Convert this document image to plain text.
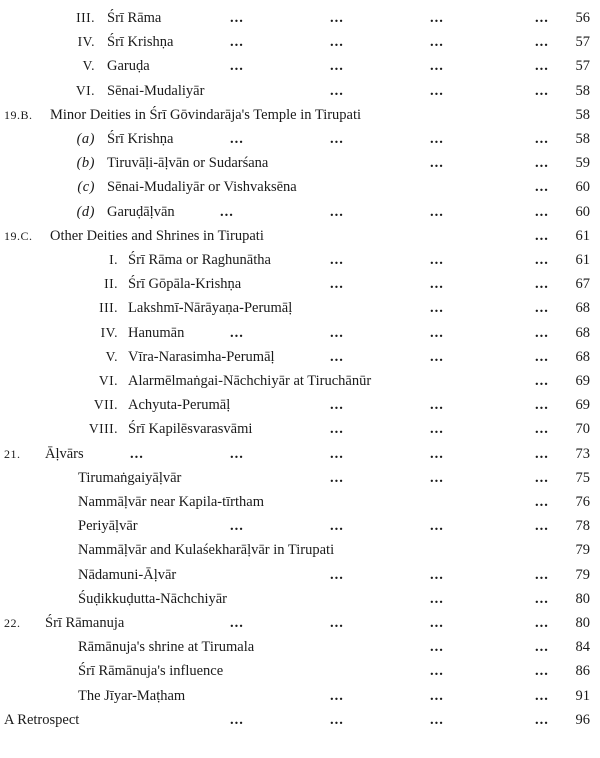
III. Śrī Rāma	...	...	...	...	56
IV. Śrī Krishṇa	...	...	...	...	57
V. Garuḍa	...	...	...	...	57
VI. Sēnai-Mudaliyār	...	...	...	58
19.B. Minor Deities in Śrī Gōvindarāja's Temple in Tirupati	58
(a) Śrī Krishṇa	...	...	...	...	58
(b) Tiruvāḷi-āḷvān or Sudarśana	...	...	59
(c) Sēnai-Mudaliyār or Vishvaksēna	...	60
(d) Garuḍāḷvān	...	...	...	...	60
19.C. Other Deities and Shrines in Tirupati	...	61
I. Śrī Rāma or Raghunātha	...	...	...	61
II. Śrī Gōpāla-Krishṇa	...	...	...	67
III. Lakshmī-Nārāyaṇa-Perumāḷ	...	...	68
IV. Hanumān	...	...	...	...	68
V. Vīra-Narasimha-Perumāḷ	...	...	...	68
VI. Alarmēlmaṅgai-Nāchchiyār at Tiruchānūr	...	69
VII. Achyuta-Perumāḷ	...	...	...	69
VIII. Śrī Kapilēsvarasvāmi	...	...	...	70
21. Āḷvārs	...	...	...	...	...	73
Tirumaṅgaiyāḷvār	...	...	...	75
Nammāḷvār near Kapila-tīrtham	...	76
Periyāḷvār	...	...	...	...	78
Nammāḷvār and Kulaśekharāḷvār in Tirupati	79
Nādamuni-Āḷvār	...	...	...	79
Śuḍikkuḍutta-Nāchchiyār	...	...	80
22. Śrī Rāmanuja	...	...	...	...	80
Rāmānuja's shrine at Tirumala	...	...	84
Śrī Rāmānuja's influence	...	...	86
The Jīyar-Maṭham	...	...	...	91
A Retrospect	...	...	...	...	96
